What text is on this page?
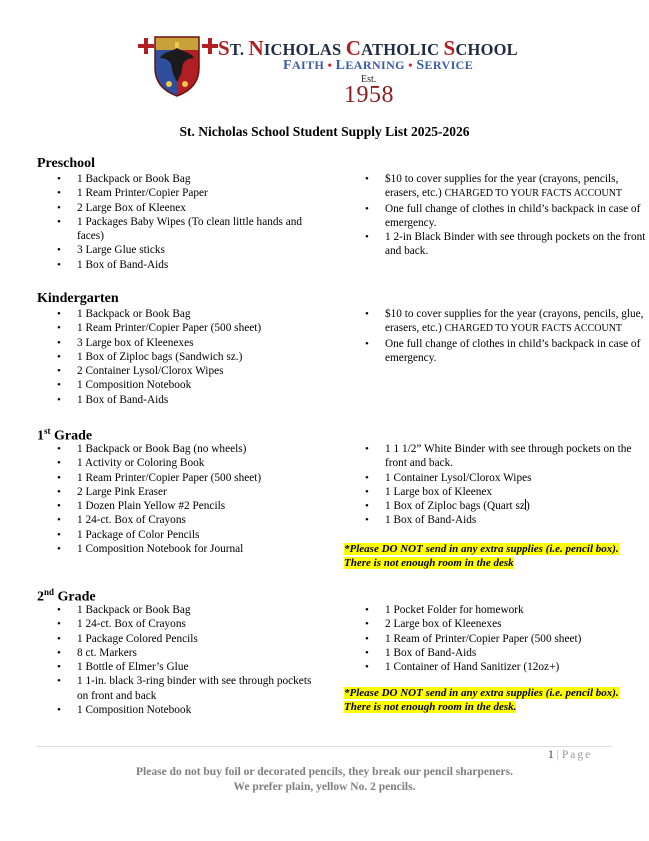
ST. NICHOLAS CATHOLIC SCHOOL
FAITH • LEARNING • SERVICE
Est.
1958
St. Nicholas School Student Supply List 2025-2026
Preschool
• 1 Backpack or Book Bag
• 1 Ream Printer/Copier Paper
• 2 Large Box of Kleenex
• 1 Packages Baby Wipes (To clean little hands and faces)
• 3 Large Glue sticks
• 1 Box of Band-Aids
• $10 to cover supplies for the year (crayons, pencils, erasers, etc.) CHARGED TO YOUR FACTS ACCOUNT
• One full change of clothes in child’s backpack in case of emergency.
• 1 2-in Black Binder with see through pockets on the front and back.
Kindergarten
• 1 Backpack or Book Bag
• 1 Ream Printer/Copier Paper (500 sheet)
• 3 Large box of Kleenexes
• 1 Box of Ziploc bags (Sandwich sz.)
• 2 Container Lysol/Clorox Wipes
• 1 Composition Notebook
• 1 Box of Band-Aids
• $10 to cover supplies for the year (crayons, pencils, glue, erasers, etc.) CHARGED TO YOUR FACTS ACCOUNT
• One full change of clothes in child’s backpack in case of emergency.
1st Grade
• 1 Backpack or Book Bag (no wheels)
• 1 Activity or Coloring Book
• 1 Ream Printer/Copier Paper (500 sheet)
• 2 Large Pink Eraser
• 1 Dozen Plain Yellow #2 Pencils
• 1 24-ct. Box of Crayons
• 1 Package of Color Pencils
• 1 Composition Notebook for Journal
• 1 1 1/2” White Binder with see through pockets on the front and back.
• 1 Container Lysol/Clorox Wipes
• 1 Large box of Kleenex
• 1 Box of Ziploc bags (Quart sz)
• 1 Box of Band-Aids
*Please DO NOT send in any extra supplies (i.e. pencil box). There is not enough room in the desk
2nd Grade
• 1 Backpack or Book Bag
• 1 24-ct. Box of Crayons
• 1 Package Colored Pencils
• 8 ct. Markers
• 1 Bottle of Elmer’s Glue
• 1 1-in. black 3-ring binder with see through pockets on front and back
• 1 Composition Notebook
• 1 Pocket Folder for homework
• 2 Large box of Kleenexes
• 1 Ream of Printer/Copier Paper (500 sheet)
• 1 Box of Band-Aids
• 1 Container of Hand Sanitizer (12oz+)
*Please DO NOT send in any extra supplies (i.e. pencil box). There is not enough room in the desk.
1 | Page
Please do not buy foil or decorated pencils, they break our pencil sharpeners.
We prefer plain, yellow No. 2 pencils.
